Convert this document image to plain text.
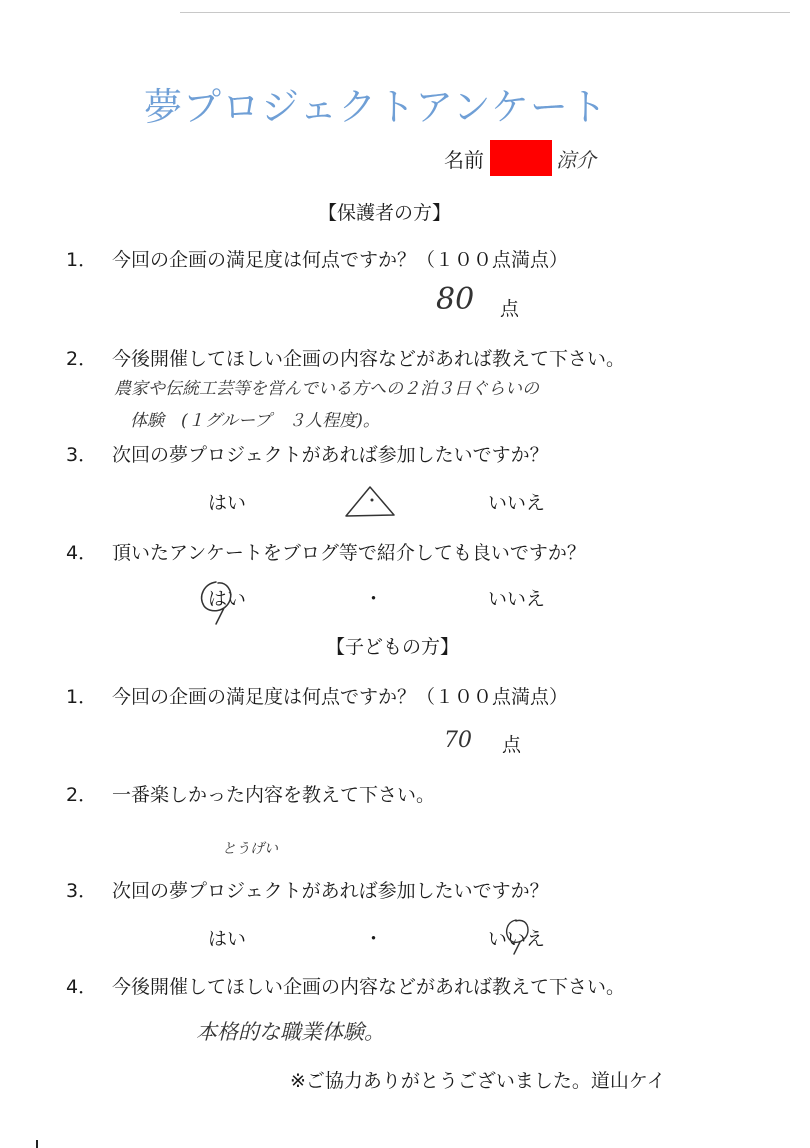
夢プロジェクトアンケート
名前	涼介
【保護者の方】
1． 今回の企画の満足度は何点ですか？（１００点満点）
80 点
2． 今後開催してほしい企画の内容などがあれば教えて下さい。
農家や伝統工芸等を営んでいる方への２泊３日ぐらいの
体験　(１グループ　３人程度)。
3． 次回の夢プロジェクトがあれば参加したいですか？
はい	いいえ
4． 頂いたアンケートをブログ等で紹介しても良いですか？
はい	・	いいえ
【子どもの方】
1． 今回の企画の満足度は何点ですか？（１００点満点）
70 点
2． 一番楽しかった内容を教えて下さい。
とうげい
3． 次回の夢プロジェクトがあれば参加したいですか？
はい	・	いいえ
4． 今後開催してほしい企画の内容などがあれば教えて下さい。
本格的な職業体験。
※ご協力ありがとうございました。道山ケイ
